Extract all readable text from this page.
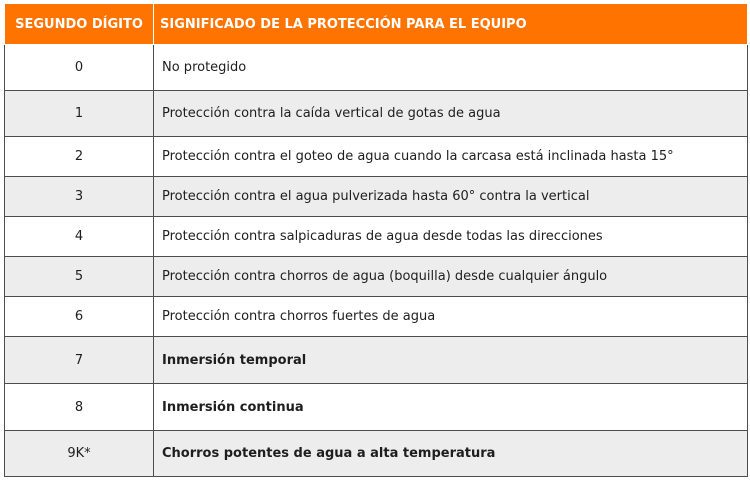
SEGUNDO DÍGITO	SIGNIFICADO DE LA PROTECCIÓN PARA EL EQUIPO
0	No protegido
1	Protección contra la caída vertical de gotas de agua
2	Protección contra el goteo de agua cuando la carcasa está inclinada hasta 15°
3	Protección contra el agua pulverizada hasta 60° contra la vertical
4	Protección contra salpicaduras de agua desde todas las direcciones
5	Protección contra chorros de agua (boquilla) desde cualquier ángulo
6	Protección contra chorros fuertes de agua
7	Inmersión temporal
8	Inmersión continua
9K*	Chorros potentes de agua a alta temperatura
